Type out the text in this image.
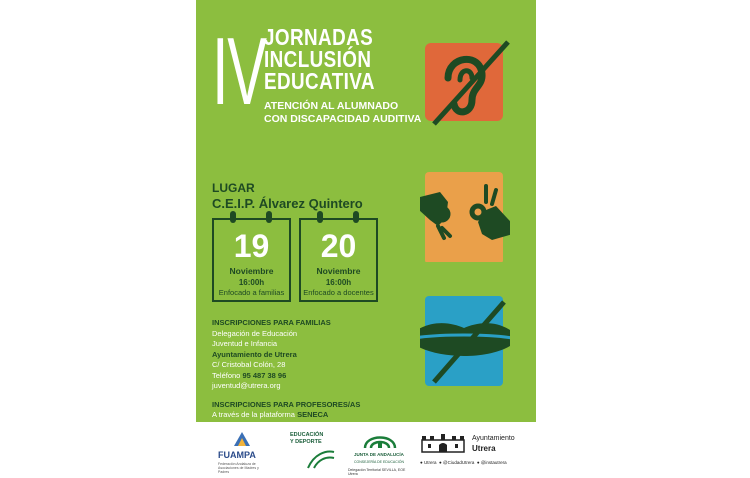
IV
JORNADAS
INCLUSIÓN
EDUCATIVA
ATENCIÓN AL ALUMNADO
CON DISCAPACIDAD AUDITIVA
LUGAR
C.E.I.P. Álvarez Quintero
19
Noviembre
16:00h
Enfocado a familias
20
Noviembre
16:00h
Enfocado a docentes
INSCRIPCIONES PARA FAMILIAS
Delegación de Educación
Juventud e Infancia
Ayuntamiento de Utrera
C/ Cristobal Colón, 28
Teléfono 95 487 38 96
juventud@utrera.org
INSCRIPCIONES PARA PROFESORES/AS
A través de la plataforma SENECA
FUAMPA
Federación Andaluza de Asociaciones de Madres y Padres
EDUCACIÓN Y DEPORTE
JUNTA DE ANDALUCÍA
CONSEJERÍA DE EDUCACIÓN
Delegación Territorial SEVILLA, EOE Utrera
Ayuntamiento
Utrera
● Utrera ● @CiudadUtrera ● @instautrera
